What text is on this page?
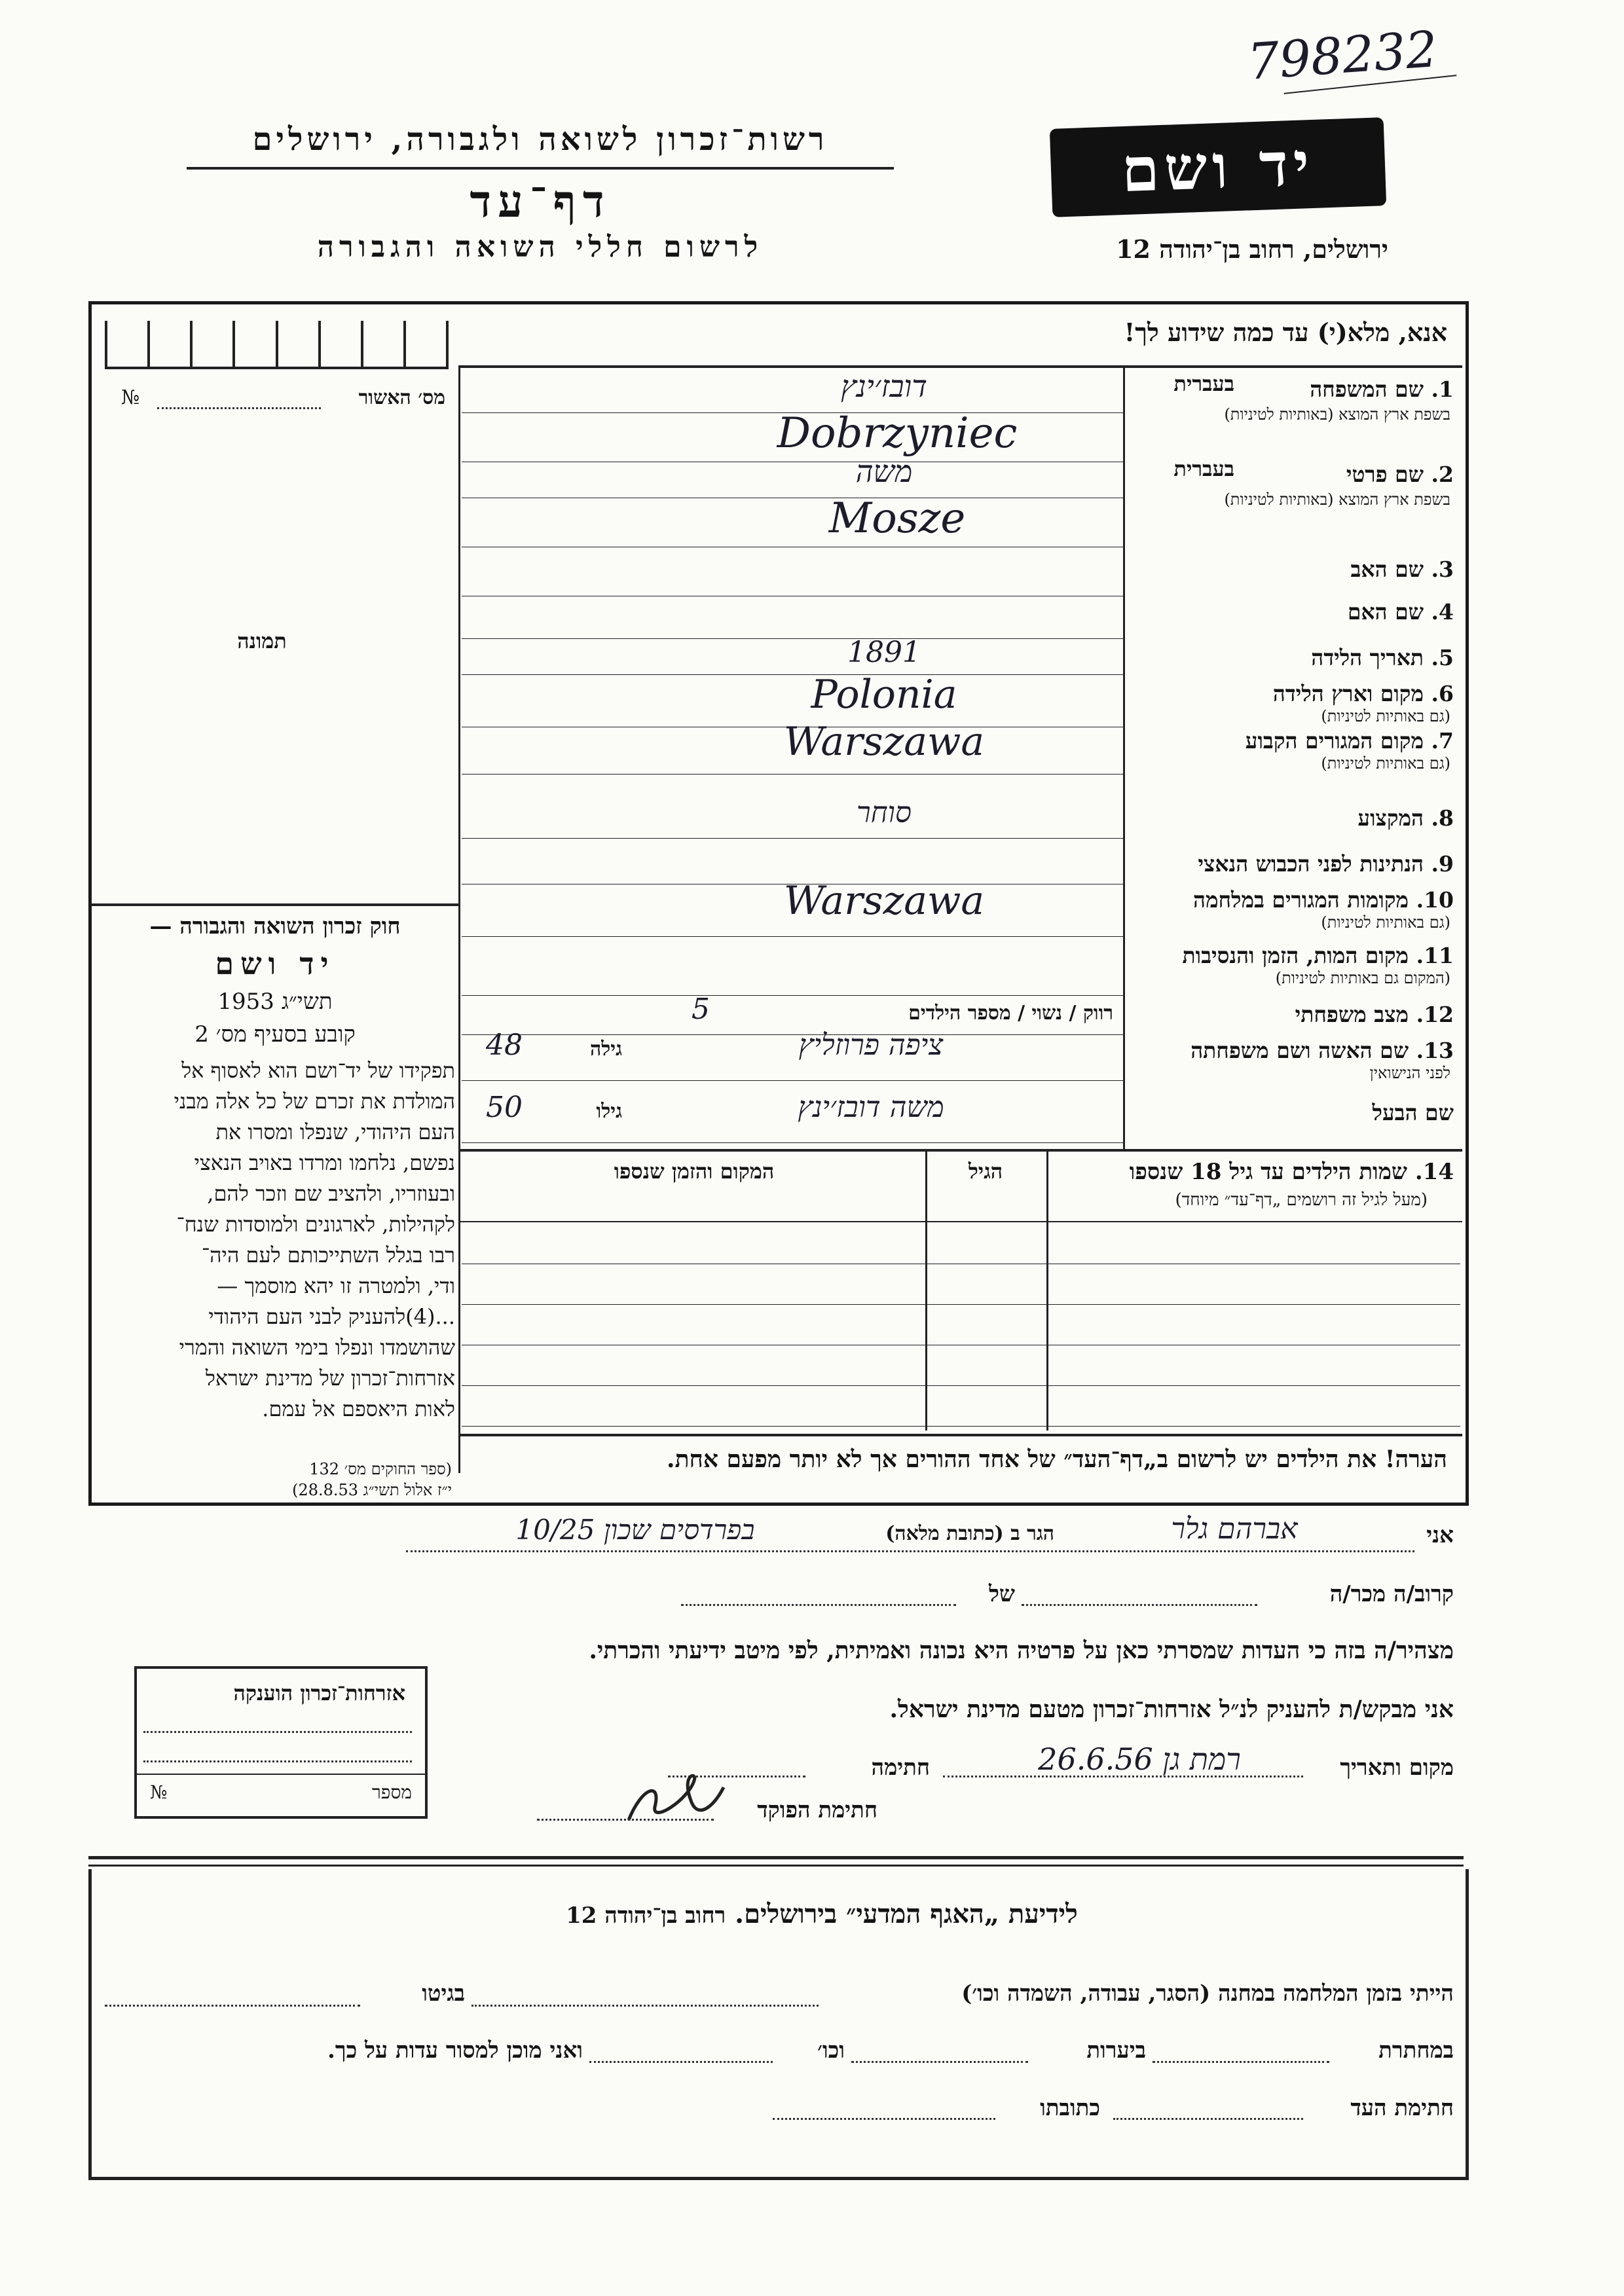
798232
רשות־זכרון לשואה ולגבורה, ירושלים
דף־עד
לרשום חללי השואה והגבורה
יד ושם
ירושלים, רחוב בן־יהודה 12
אנא, מלא(י) עד כמה שידוע לך!
מס׳ האשור
№
תמונה
חוק זכרון השואה והגבורה —
יד ושם
תשי״ג 1953
קובע בסעיף מס׳ 2
תפקידו של יד־ושם הוא לאסוף אל
המולדת את זכרם של כל אלה מבני
העם היהודי, שנפלו ומסרו את
נפשם, נלחמו ומרדו באויב הנאצי
ובעוזריו, ולהציב שם וזכר להם,
לקהילות, לארגונים ולמוסדות שנח־
רבו בגלל השתייכותם לעם היה־
ודי, ולמטרה זו יהא מוסמך —
...(4)להעניק לבני העם היהודי
שהושמדו ונפלו בימי השואה והמרי
אזרחות־זכרון של מדינת ישראל
לאות היאספם אל עמם.
(ספר החוקים מס׳ 132
י״ז אלול תשי״ג 28.8.53)
1. שם המשפחה
בעברית
בשפת ארץ המוצא (באותיות לטיניות)
דובז׳ינץ
Dobrzyniec
2. שם פרטי
בעברית
בשפת ארץ המוצא (באותיות לטיניות)
משה
Mosze
3. שם האב
4. שם האם
5. תאריך הלידה
1891
6. מקום וארץ הלידה
(גם באותיות לטיניות)
Polonia
7. מקום המגורים הקבוע
(גם באותיות לטיניות)
Warszawa
8. המקצוע
סוחר
9. הנתינות לפני הכבוש הנאצי
10. מקומות המגורים במלחמה
(גם באותיות לטיניות)
Warszawa
11. מקום המות, הזמן והנסיבות
(המקום גם באותיות לטיניות)
12. מצב משפחתי
רווק / נשוי / מספר הילדים
5
13. שם האשה ושם משפחתה
לפני הנישואין
ציפה פרוזליץ
גילה
48
שם הבעל
משה דובז׳ינץ
גילו
50
14. שמות הילדים עד גיל 18 שנספו
(מעל לגיל זה רושמים „דף־עד״ מיוחד)
הגיל
המקום והזמן שנספו
הערה! את הילדים יש לרשום ב„דף־העד״ של אחד ההורים אך לא יותר מפעם אחת.
אני
אברהם גלר
הגר ב (כתובת מלאה)
בפרדסים שכון 10/25
קרוב/ה מכר/ה
של
מצהיר/ה בזה כי העדות שמסרתי כאן על פרטיה היא נכונה ואמיתית, לפי מיטב ידיעתי והכרתי.
אני מבקש/ת להעניק לנ״ל אזרחות־זכרון מטעם מדינת ישראל.
מקום ותאריך
רמת גן 26.6.56
חתימה
חתימת הפוקד
אזרחות־זכרון הוענקה
מספר
№
לידיעת „האגף המדעי״ בירושלים. רחוב בן־יהודה 12
הייתי בזמן המלחמה במחנה (הסגר, עבודה, השמדה וכו׳)
בגיטו
במחתרת
ביערות
וכו׳
ואני מוכן למסור עדות על כך.
חתימת העד
כתובתו
